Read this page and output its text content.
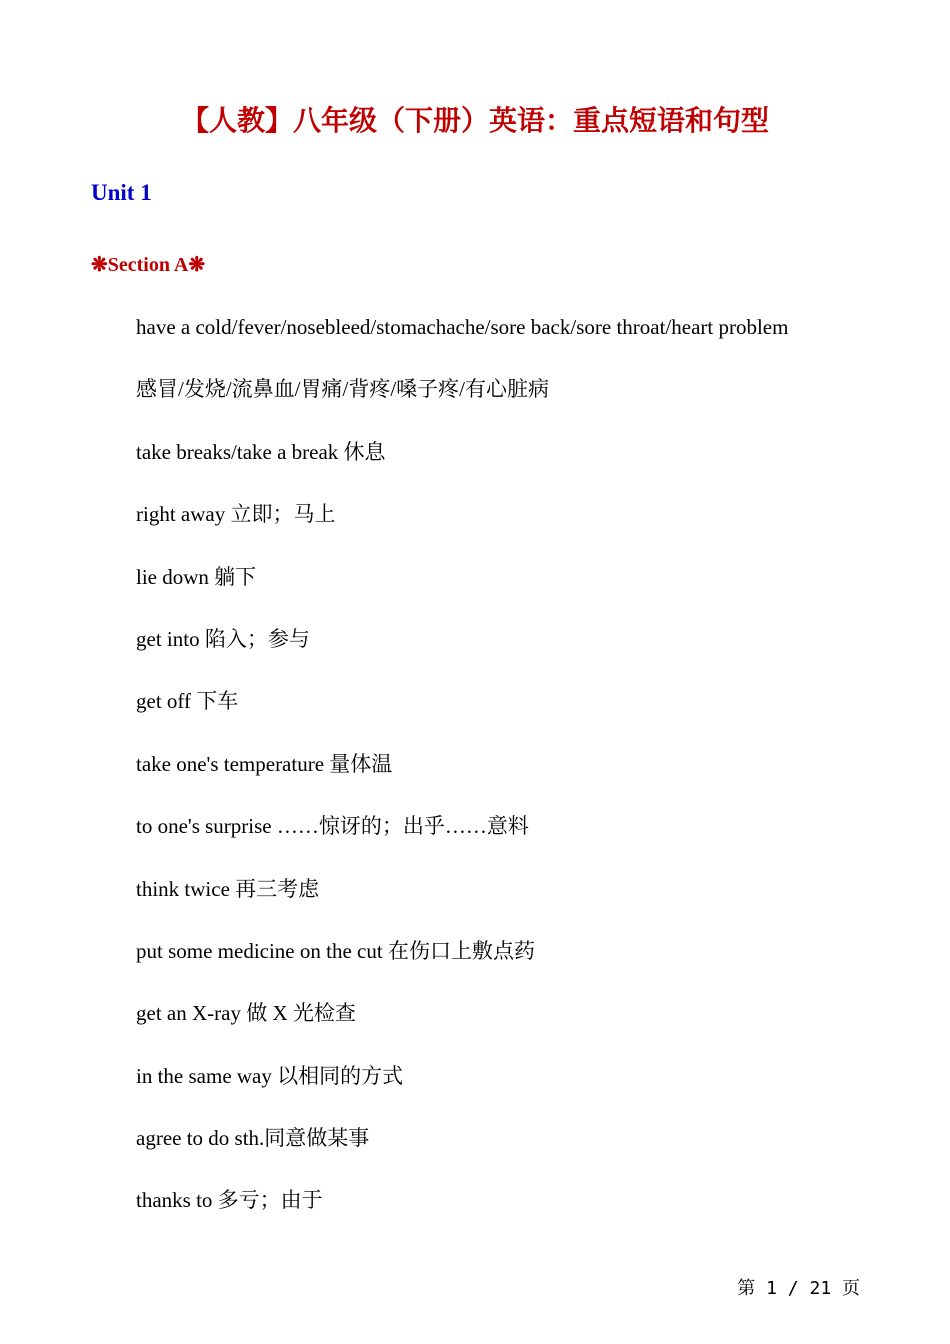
【人教】八年级（下册）英语：重点短语和句型
Unit 1
❋Section A❋
have a cold/fever/nosebleed/stomachache/sore back/sore throat/heart problem
感冒/发烧/流鼻血/胃痛/背疼/嗓子疼/有心脏病
take breaks/take a break 休息
right away 立即；马上
lie down 躺下
get into 陷入；参与
get off 下车
take one's temperature 量体温
to one's surprise ……惊讶的；出乎……意料
think twice 再三考虑
put some medicine on the cut 在伤口上敷点药
get an X-ray 做 X 光检查
in the same way 以相同的方式
agree to do sth.同意做某事
thanks to 多亏；由于
第 1 / 21 页
